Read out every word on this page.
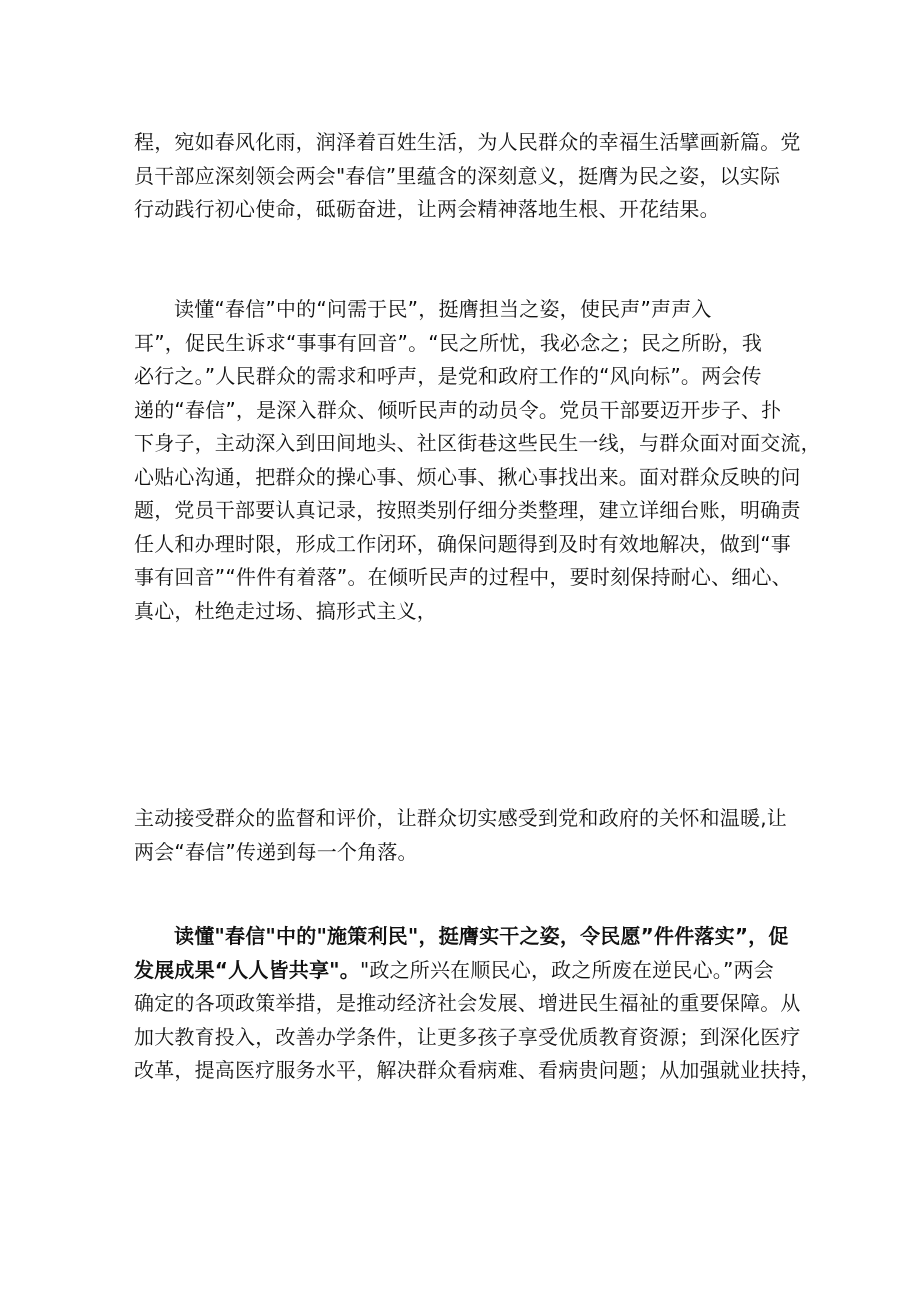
程，宛如春风化雨，润泽着百姓生活，为人民群众的幸福生活擘画新篇。党
员干部应深刻领会两会"春信”里蕴含的深刻意义，挺膺为民之姿，以实际
行动践行初心使命，砥砺奋进，让两会精神落地生根、开花结果。
读懂“春信”中的“问需于民”，挺膺担当之姿，使民声”声声入
耳”，促民生诉求“事事有回音”。“民之所忧，我必念之；民之所盼，我
必行之。”人民群众的需求和呼声，是党和政府工作的“风向标”。两会传
递的“春信”，是深入群众、倾听民声的动员令。党员干部要迈开步子、扑
下身子，主动深入到田间地头、社区街巷这些民生一线，与群众面对面交流，
心贴心沟通，把群众的操心事、烦心事、揪心事找出来。面对群众反映的问
题，党员干部要认真记录，按照类别仔细分类整理，建立详细台账，明确责
任人和办理时限，形成工作闭环，确保问题得到及时有效地解决，做到“事
事有回音”“件件有着落”。在倾听民声的过程中，要时刻保持耐心、细心、
真心，杜绝走过场、搞形式主义，
主动接受群众的监督和评价，让群众切实感受到党和政府的关怀和温暖,让
两会“春信”传递到每一个角落。
读懂"春信"中的"施策利民"，挺膺实干之姿，令民愿”件件落实”，促
发展成果“人人皆共享"。"政之所兴在顺民心，政之所废在逆民心。”两会
确定的各项政策举措，是推动经济社会发展、增进民生福祉的重要保障。从
加大教育投入，改善办学条件，让更多孩子享受优质教育资源；到深化医疗
改革，提高医疗服务水平，解决群众看病难、看病贵问题；从加强就业扶持，
